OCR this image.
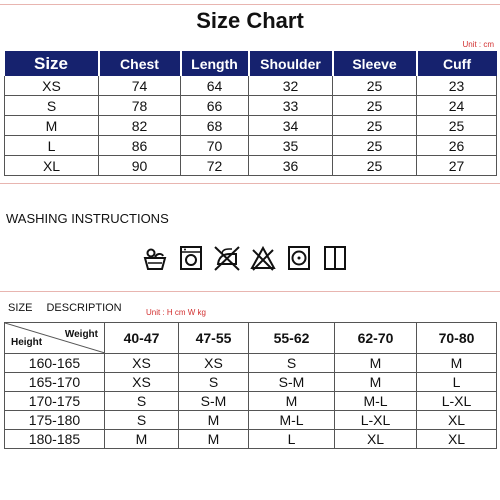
Size Chart
Unit : cm
Size	Chest	Length	Shoulder	Sleeve	Cuff
XS	74	64	32	25	23
S	78	66	33	25	24
M	82	68	34	25	25
L	86	70	35	25	26
XL	90	72	36	25	27
WASHING INSTRUCTIONS
SIZE DESCRIPTION	Unit : H cm W kg
Weight
Height	40-47	47-55	55-62	62-70	70-80
160-165	XS	XS	S	M	M
165-170	XS	S	S-M	M	L
170-175	S	S-M	M	M-L	L-XL
175-180	S	M	M-L	L-XL	XL
180-185	M	M	L	XL	XL
